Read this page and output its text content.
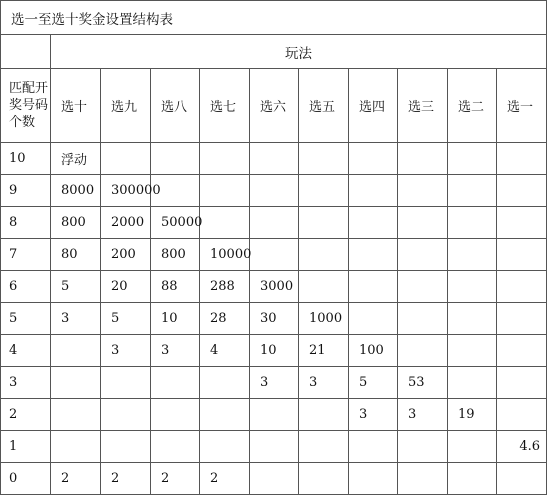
选一至选十奖金设置结构表										
	玩法									
匹配开奖号码个数	选十	选九	选八	选七	选六	选五	选四	选三	选二	选一
10	浮动									
9	8000	300000								
8	800	2000	50000							
7	80	200	800	10000						
6	5	20	88	288	3000					
5	3	5	10	28	30	1000				
4		3	3	4	10	21	100			
3					3	3	5	53		
2							3	3	19	
1										4.6
0	2	2	2	2						
